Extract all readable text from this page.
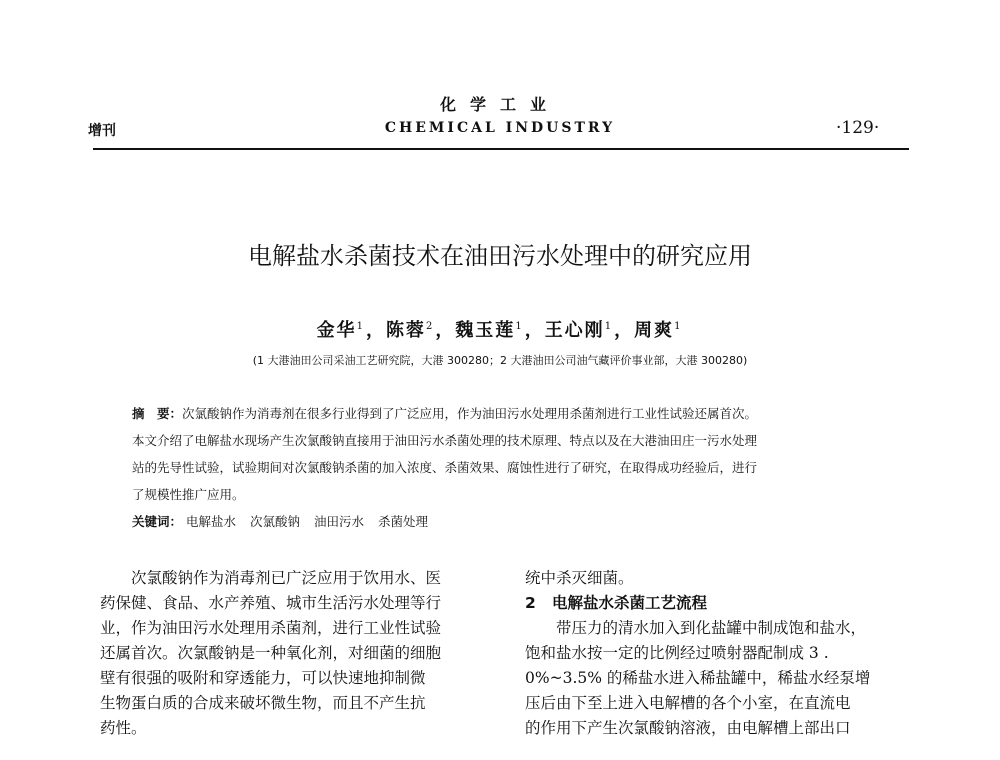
化学工业
增刊	CHEMICAL INDUSTRY	·129·
电解盐水杀菌技术在油田污水处理中的研究应用
金华$^1$，陈蓉$^2$，魏玉莲$^1$，王心刚$^1$，周爽$^1$
(1 大港油田公司采油工艺研究院，大港 300280；2 大港油田公司油气藏评价事业部，大港 300280)
摘　要：次氯酸钠作为消毒剂在很多行业得到了广泛应用，作为油田污水处理用杀菌剂进行工业性试验还属首次。
本文介绍了电解盐水现场产生次氯酸钠直接用于油田污水杀菌处理的技术原理、特点以及在大港油田庄一污水处理
站的先导性试验，试验期间对次氯酸钠杀菌的加入浓度、杀菌效果、腐蚀性进行了研究，在取得成功经验后，进行
了规模性推广应用。
关键词： 电解盐水 次氯酸钠 油田污水 杀菌处理

　　次氯酸钠作为消毒剂已广泛应用于饮用水、医

药保健、食品、水产养殖、城市生活污水处理等行

业，作为油田污水处理用杀菌剂，进行工业性试验

还属首次。次氯酸钠是一种氧化剂，对细菌的细胞

壁有很强的吸附和穿透能力，可以快速地抑制微

生物蛋白质的合成来破坏微生物，而且不产生抗

药性。

统中杀灭细菌。

2 电解盐水杀菌工艺流程

　　带压力的清水加入到化盐罐中制成饱和盐水，

饱和盐水按一定的比例经过喷射器配制成 3 .

0%~3.5% 的稀盐水进入稀盐罐中，稀盐水经泵增

压后由下至上进入电解槽的各个小室，在直流电

的作用下产生次氯酸钠溶液，由电解槽上部出口
